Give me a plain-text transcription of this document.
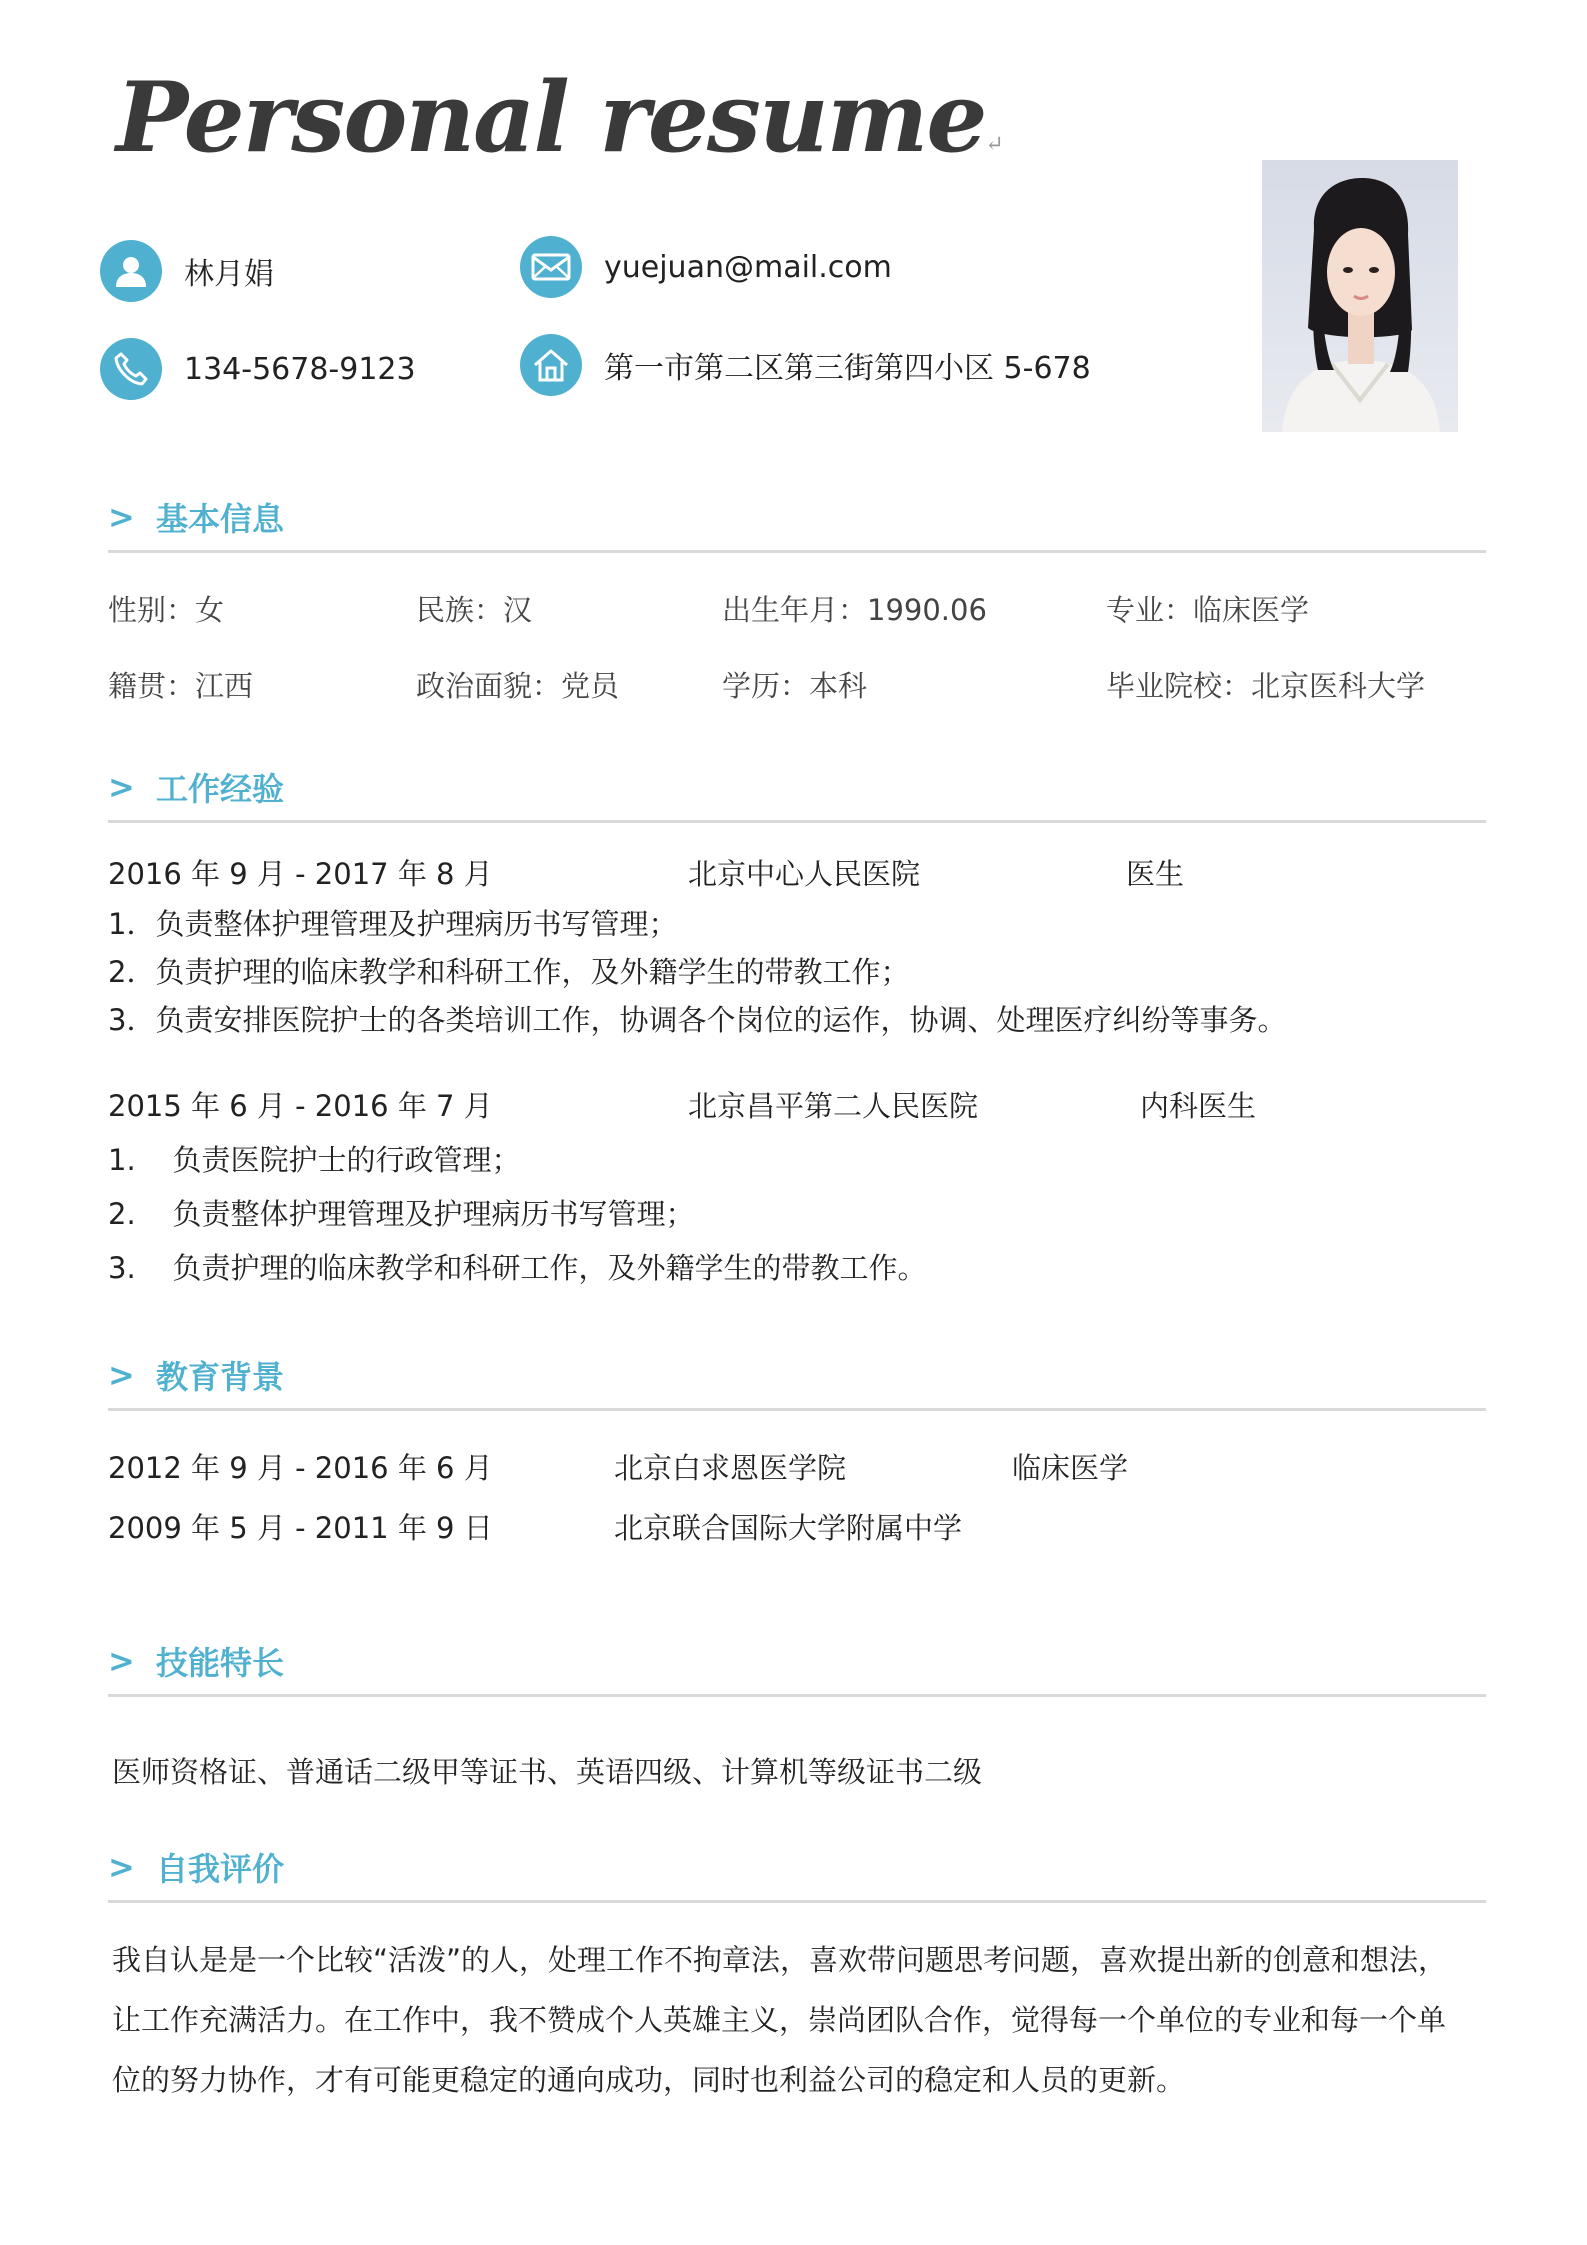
Personal resume↵
林月娟	yuejuan@mail.com
134-5678-9123	第一市第二区第三街第四小区 5-678
> 基本信息
性别：女	民族：汉	出生年月：1990.06	专业：临床医学
籍贯：江西	政治面貌：党员	学历：本科	毕业院校：北京医科大学
> 工作经验
2016 年 9 月 - 2017 年 8 月	北京中心人民医院	医生
1．负责整体护理管理及护理病历书写管理；
2．负责护理的临床教学和科研工作，及外籍学生的带教工作；
3．负责安排医院护士的各类培训工作，协调各个岗位的运作，协调、处理医疗纠纷等事务。
2015 年 6 月 - 2016 年 7 月	北京昌平第二人民医院	内科医生
1.    负责医院护士的行政管理；
2.    负责整体护理管理及护理病历书写管理；
3.    负责护理的临床教学和科研工作，及外籍学生的带教工作。
> 教育背景
2012 年 9 月 - 2016 年 6 月	北京白求恩医学院	临床医学
2009 年 5 月 - 2011 年 9 日	北京联合国际大学附属中学
> 技能特长
医师资格证、普通话二级甲等证书、英语四级、计算机等级证书二级
> 自我评价
我自认是是一个比较“活泼”的人，处理工作不拘章法，喜欢带问题思考问题，喜欢提出新的创意和想法，让工作充满活力。在工作中，我不赞成个人英雄主义，崇尚团队合作，觉得每一个单位的专业和每一个单位的努力协作，才有可能更稳定的通向成功，同时也利益公司的稳定和人员的更新。
